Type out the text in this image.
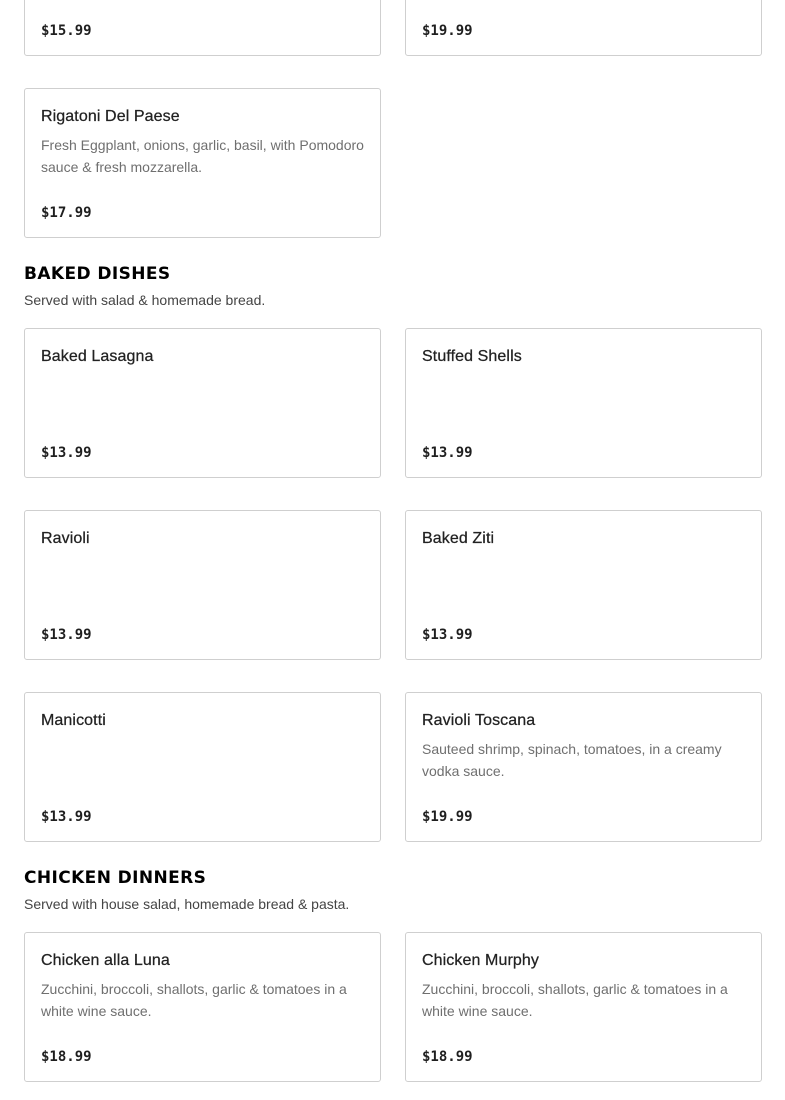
$15.99	$19.99
Rigatoni Del Paese
Fresh Eggplant, onions, garlic, basil, with Pomodoro sauce & fresh mozzarella.
$17.99
BAKED DISHES

Served with salad & homemade bread.

Baked Lasagna
$13.99
Stuffed Shells
$13.99
Ravioli
$13.99
Baked Ziti
$13.99
Manicotti
$13.99
Ravioli Toscana
Sauteed shrimp, spinach, tomatoes, in a creamy vodka sauce.
$19.99
CHICKEN DINNERS

Served with house salad, homemade bread & pasta.

Chicken alla Luna
Zucchini, broccoli, shallots, garlic & tomatoes in a white wine sauce.
$18.99
Chicken Murphy
Zucchini, broccoli, shallots, garlic & tomatoes in a white wine sauce.
$18.99
